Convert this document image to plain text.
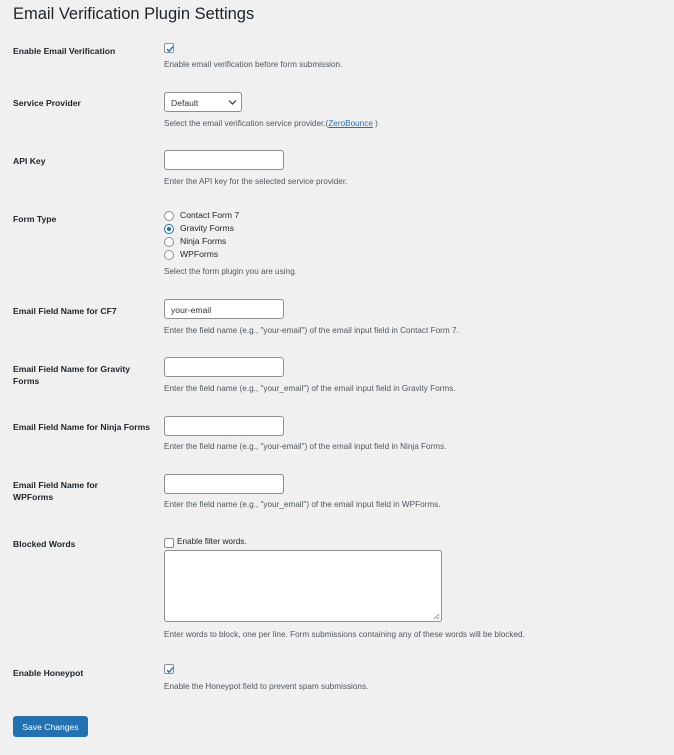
Email Verification Plugin Settings
Enable Email Verification
Enable email verification before form submission.
Service Provider	Default
Select the email verification service provider.(ZeroBounce )
API Key
Enter the API key for the selected service provider.
Form Type	Contact Form 7
Gravity Forms
Ninja Forms
WPForms
Select the form plugin you are using.
Email Field Name for CF7	your-email
Enter the field name (e.g., "your-email") of the email input field in Contact Form 7.
Email Field Name for Gravity Forms
Enter the field name (e.g., "your_email") of the email input field in Gravity Forms.
Email Field Name for Ninja Forms
Enter the field name (e.g., "your-email") of the email input field in Ninja Forms.
Email Field Name for WPForms
Enter the field name (e.g., "your_email") of the email input field in WPForms.
Blocked Words	Enable filter words.
Enter words to block, one per line. Form submissions containing any of these words will be blocked.
Enable Honeypot
Enable the Honeypot field to prevent spam submissions.
Save Changes
